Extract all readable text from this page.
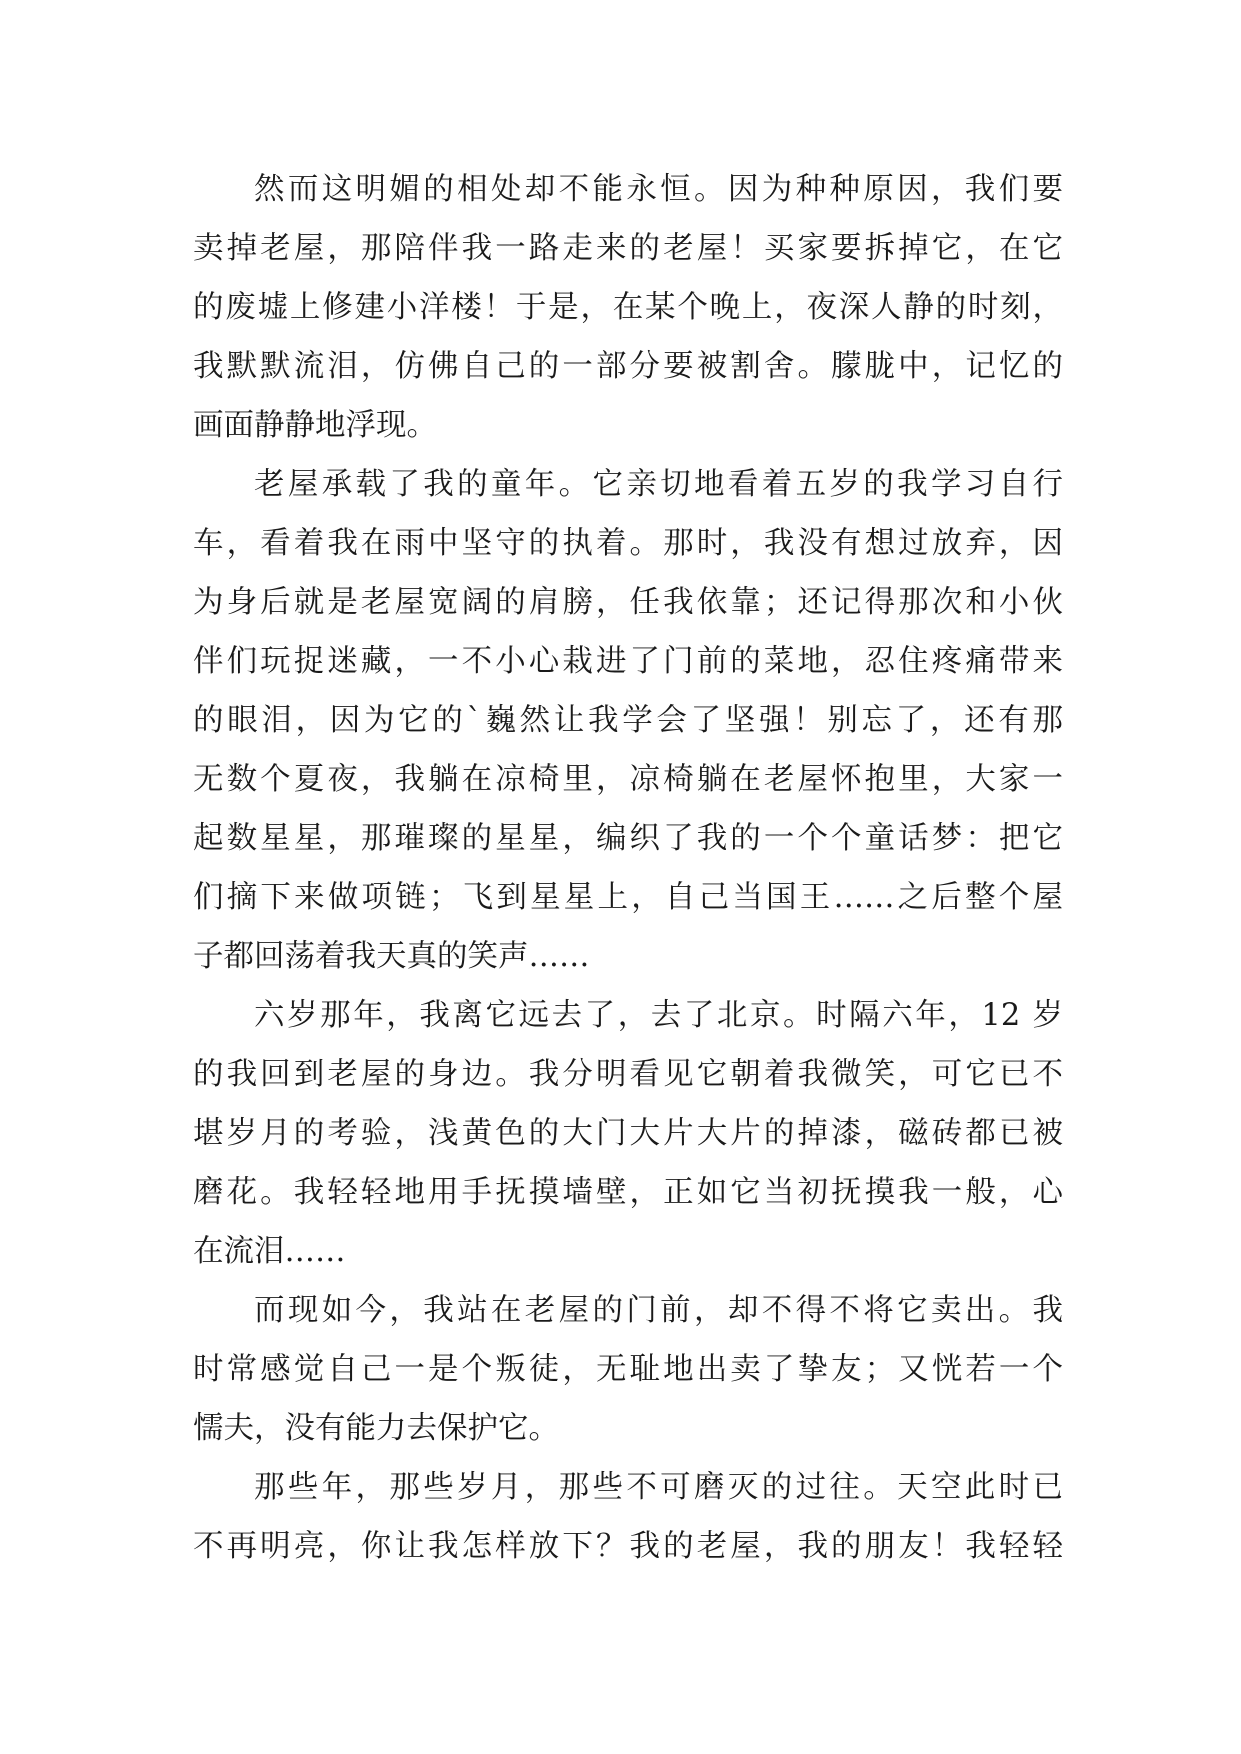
然而这明媚的相处却不能永恒。因为种种原因，我们要
卖掉老屋，那陪伴我一路走来的老屋！买家要拆掉它，在它
的废墟上修建小洋楼！于是，在某个晚上，夜深人静的时刻，
我默默流泪，仿佛自己的一部分要被割舍。朦胧中，记忆的
画面静静地浮现。
老屋承载了我的童年。它亲切地看着五岁的我学习自行
车，看着我在雨中坚守的执着。那时，我没有想过放弃，因
为身后就是老屋宽阔的肩膀，任我依靠；还记得那次和小伙
伴们玩捉迷藏，一不小心栽进了门前的菜地，忍住疼痛带来
的眼泪，因为它的`巍然让我学会了坚强！别忘了，还有那
无数个夏夜，我躺在凉椅里，凉椅躺在老屋怀抱里，大家一
起数星星，那璀璨的星星，编织了我的一个个童话梦：把它
们摘下来做项链；飞到星星上，自己当国王……之后整个屋
子都回荡着我天真的笑声……
六岁那年，我离它远去了，去了北京。时隔六年，12 岁
的我回到老屋的身边。我分明看见它朝着我微笑，可它已不
堪岁月的考验，浅黄色的大门大片大片的掉漆，磁砖都已被
磨花。我轻轻地用手抚摸墙壁，正如它当初抚摸我一般，心
在流泪……
而现如今，我站在老屋的门前，却不得不将它卖出。我
时常感觉自己一是个叛徒，无耻地出卖了挚友；又恍若一个
懦夫，没有能力去保护它。
那些年，那些岁月，那些不可磨灭的过往。天空此时已
不再明亮，你让我怎样放下？我的老屋，我的朋友！我轻轻
